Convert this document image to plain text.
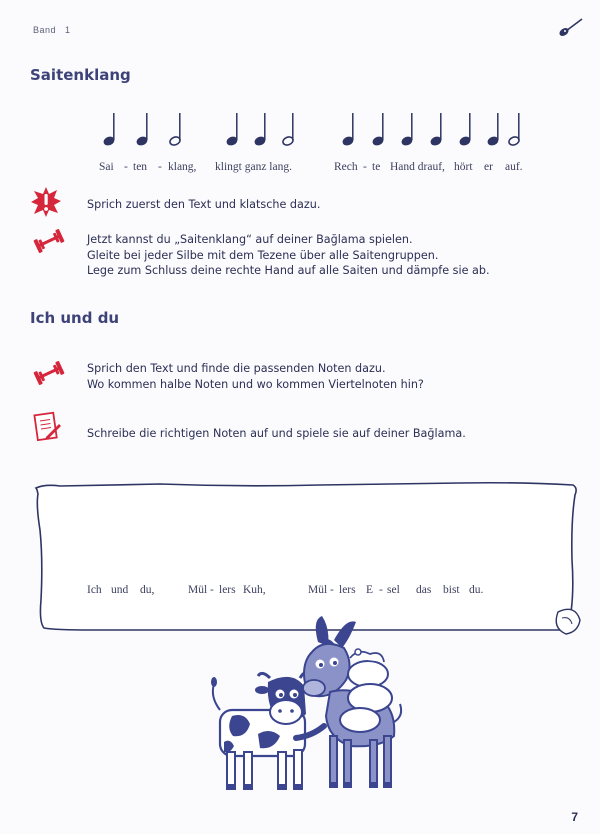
Band 1
Saitenklang
Sai - ten - klang, klingt ganz lang.	Rech - te Hand drauf, hört er auf.
Sprich zuerst den Text und klatsche dazu.
Jetzt kannst du „Saitenklang“ auf deiner Bağlama spielen.
Gleite bei jeder Silbe mit dem Tezene über alle Saitengruppen.
Lege zum Schluss deine rechte Hand auf alle Saiten und dämpfe sie ab.
Ich und du
Sprich den Text und finde die passenden Noten dazu.
Wo kommen halbe Noten und wo kommen Viertelnoten hin?
Schreibe die richtigen Noten auf und spiele sie auf deiner Bağlama.
Ich und du,	Mül - lers Kuh,	Mül - lers E - sel das bist du.
7
